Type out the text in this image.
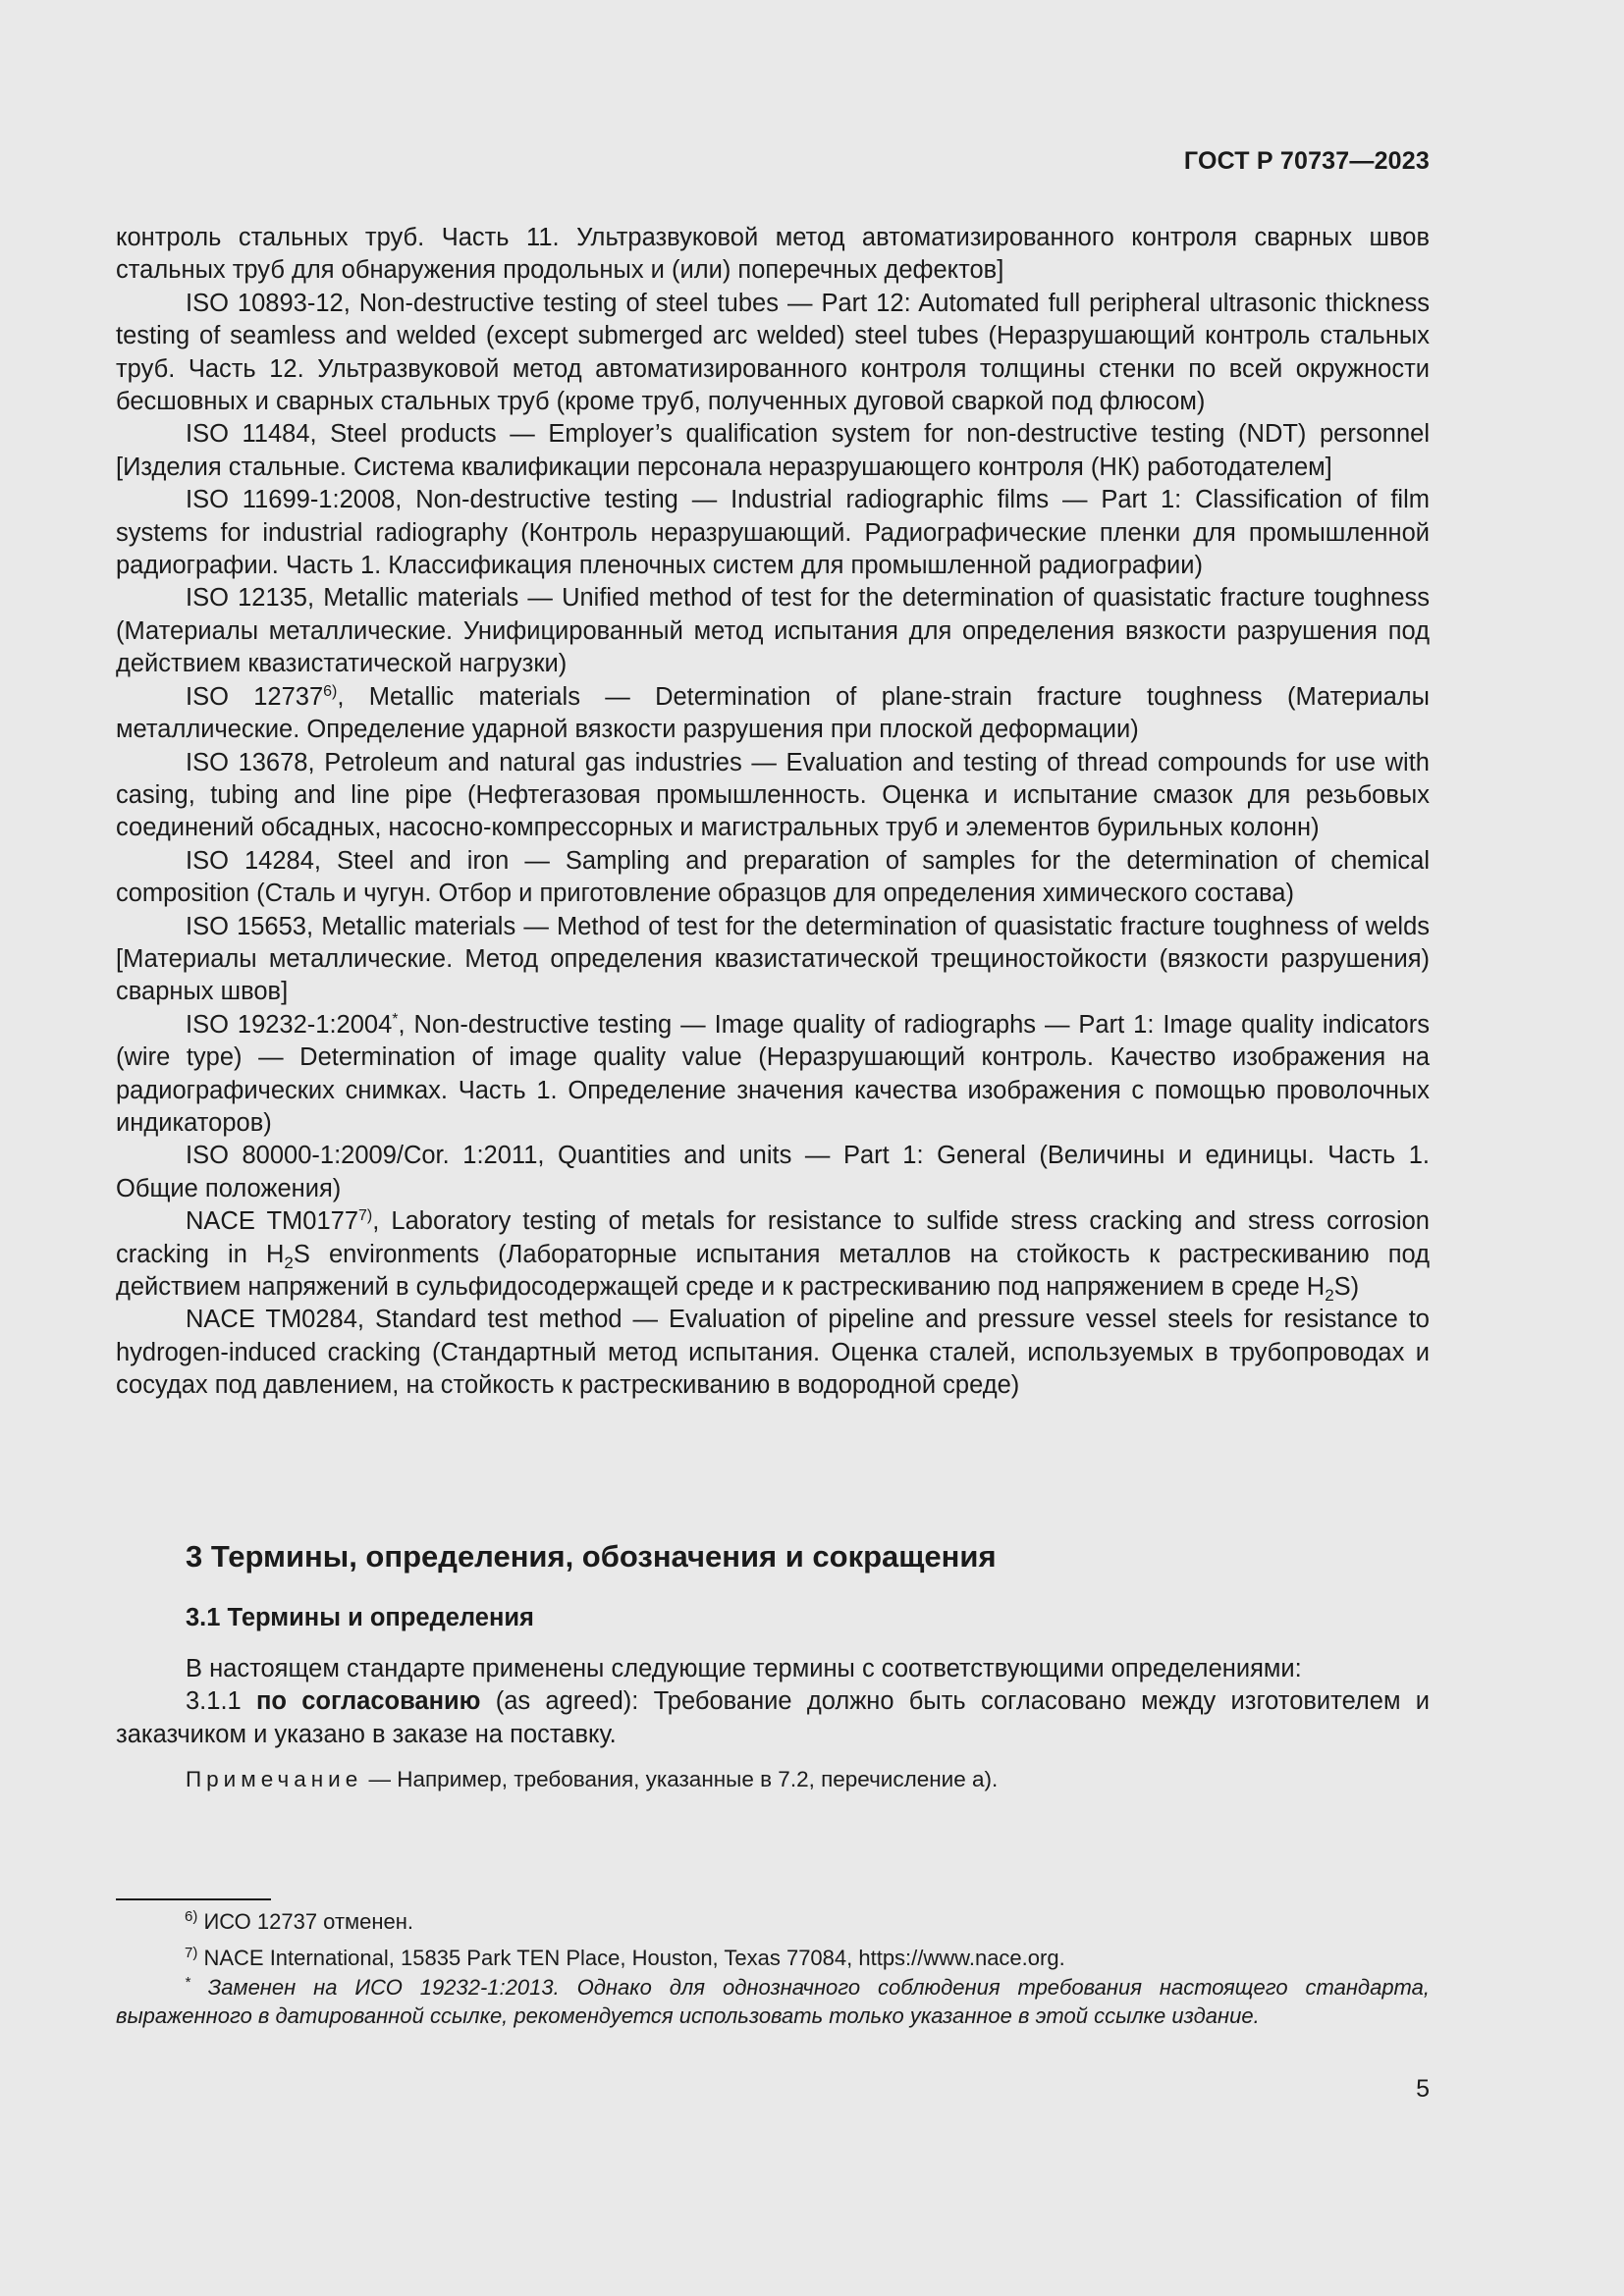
ГОСТ Р 70737—2023

контроль стальных труб. Часть 11. Ультразвуковой метод автоматизированного контроля сварных швов стальных труб для обнаружения продольных и (или) поперечных дефектов]

ISO 10893-12, Non-destructive testing of steel tubes — Part 12: Automated full peripheral ultrasonic thickness testing of seamless and welded (except submerged arc welded) steel tubes (Неразрушающий контроль стальных труб. Часть 12. Ультразвуковой метод автоматизированного контроля толщины стенки по всей окружности бесшовных и сварных стальных труб (кроме труб, полученных дуговой сваркой под флюсом)

ISO 11484, Steel products — Employer’s qualification system for non-destructive testing (NDT) personnel [Изделия стальные. Система квалификации персонала неразрушающего контроля (НК) работодателем]

ISO 11699-1:2008, Non-destructive testing — Industrial radiographic films — Part 1: Classification of film systems for industrial radiography (Контроль неразрушающий. Радиографические пленки для промышленной радиографии. Часть 1. Классификация пленочных систем для промышленной радиографии)

ISO 12135, Metallic materials — Unified method of test for the determination of quasistatic fracture toughness (Материалы металлические. Унифицированный метод испытания для определения вязкости разрушения под действием квазистатической нагрузки)

ISO 12737$^{6)}$, Metallic materials — Determination of plane-strain fracture toughness (Материалы металлические. Определение ударной вязкости разрушения при плоской деформации)

ISO 13678, Petroleum and natural gas industries — Evaluation and testing of thread compounds for use with casing, tubing and line pipe (Нефтегазовая промышленность. Оценка и испытание смазок для резьбовых соединений обсадных, насосно-компрессорных и магистральных труб и элементов бурильных колонн)

ISO 14284, Steel and iron — Sampling and preparation of samples for the determination of chemical composition (Сталь и чугун. Отбор и приготовление образцов для определения химического состава)

ISO 15653, Metallic materials — Method of test for the determination of quasistatic fracture toughness of welds [Материалы металлические. Метод определения квазистатической трещиностойкости (вязкости разрушения) сварных швов]

ISO 19232-1:2004*, Non-destructive testing — Image quality of radiographs — Part 1: Image quality indicators (wire type) — Determination of image quality value (Неразрушающий контроль. Качество изображения на радиографических снимках. Часть 1. Определение значения качества изображения с помощью проволочных индикаторов)

ISO 80000-1:2009/Cor. 1:2011, Quantities and units — Part 1: General (Величины и единицы. Часть 1. Общие положения)

NACE TM0177$^{7)}$, Laboratory testing of metals for resistance to sulfide stress cracking and stress corrosion cracking in $H_2S$ environments (Лабораторные испытания металлов на стойкость к растрескиванию под действием напряжений в сульфидосодержащей среде и к растрескиванию под напряжением в среде $H_2S$)

NACE TM0284, Standard test method — Evaluation of pipeline and pressure vessel steels for resistance to hydrogen-induced cracking (Стандартный метод испытания. Оценка сталей, используемых в трубопроводах и сосудах под давлением, на стойкость к растрескиванию в водородной среде)

3 Термины, определения, обозначения и сокращения
3.1 Термины и определения

В настоящем стандарте применены следующие термины с соответствующими определениями:

3.1.1 по согласованию (as agreed): Требование должно быть согласовано между изготовителем и заказчиком и указано в заказе на поставку.

Примечание — Например, требования, указанные в 7.2, перечисление a).
$^{6)}$ ИСО 12737 отменен.
$^{7)}$ NACE International, 15835 Park TEN Place, Houston, Texas 77084, https://www.nace.org.
* Заменен на ИСО 19232-1:2013. Однако для однозначного соблюдения требования настоящего стандарта, выраженного в датированной ссылке, рекомендуется использовать только указанное в этой ссылке издание.
5
